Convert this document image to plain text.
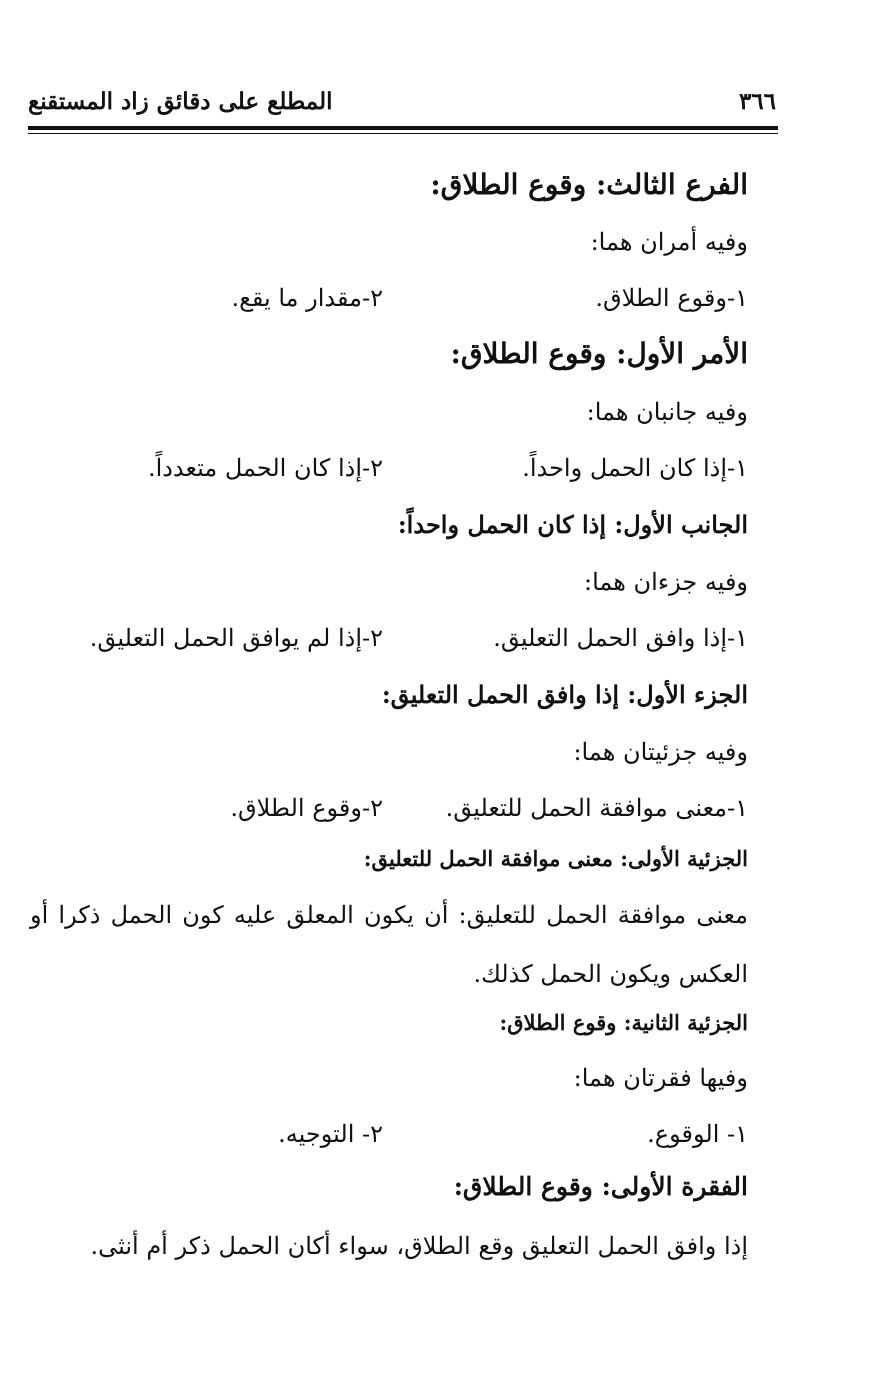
٣٦٦
المطلع على دقائق زاد المستقنع
الفرع الثالث: وقوع الطلاق:
وفيه أمران هما:
١-وقوع الطلاق.
٢-مقدار ما يقع.
الأمر الأول: وقوع الطلاق:
وفيه جانبان هما:
١-إذا كان الحمل واحداً.
٢-إذا كان الحمل متعدداً.
الجانب الأول: إذا كان الحمل واحداً:
وفيه جزءان هما:
١-إذا وافق الحمل التعليق.
٢-إذا لم يوافق الحمل التعليق.
الجزء الأول: إذا وافق الحمل التعليق:
وفيه جزئيتان هما:
١-معنى موافقة الحمل للتعليق.
٢-وقوع الطلاق.
الجزئية الأولى: معنى موافقة الحمل للتعليق:
معنى موافقة الحمل للتعليق: أن يكون المعلق عليه كون الحمل ذكرا أو العكس ويكون الحمل كذلك.
الجزئية الثانية: وقوع الطلاق:
وفيها فقرتان هما:
١- الوقوع.
٢- التوجيه.
الفقرة الأولى: وقوع الطلاق:
إذا وافق الحمل التعليق وقع الطلاق، سواء أكان الحمل ذكر أم أنثى.
